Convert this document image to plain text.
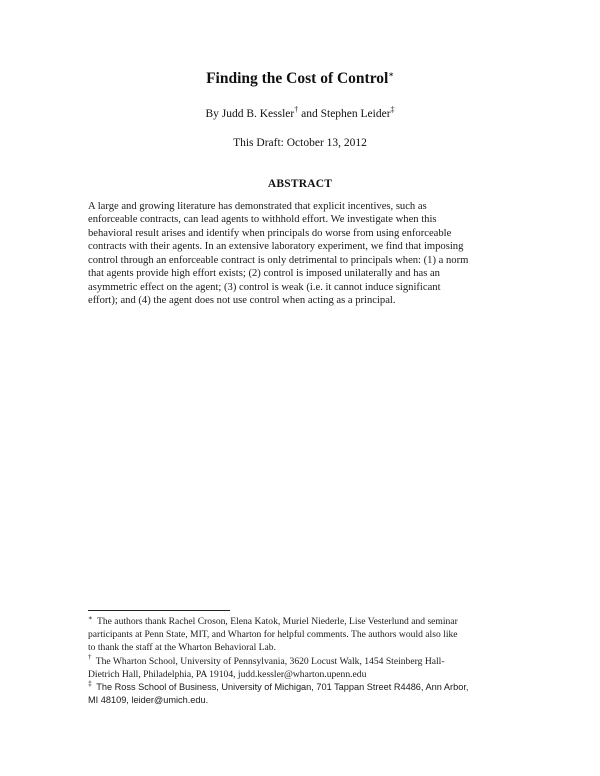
Finding the Cost of Control∗
By Judd B. Kessler† and Stephen Leider‡
This Draft: October 13, 2012
ABSTRACT
A large and growing literature has demonstrated that explicit incentives, such as
enforceable contracts, can lead agents to withhold effort. We investigate when this
behavioral result arises and identify when principals do worse from using enforceable
contracts with their agents. In an extensive laboratory experiment, we find that imposing
control through an enforceable contract is only detrimental to principals when: (1) a norm
that agents provide high effort exists; (2) control is imposed unilaterally and has an
asymmetric effect on the agent; (3) control is weak (i.e. it cannot induce significant
effort); and (4) the agent does not use control when acting as a principal.
∗ The authors thank Rachel Croson, Elena Katok, Muriel Niederle, Lise Vesterlund and seminar
participants at Penn State, MIT, and Wharton for helpful comments. The authors would also like
to thank the staff at the Wharton Behavioral Lab.
† The Wharton School, University of Pennsylvania, 3620 Locust Walk, 1454 Steinberg Hall-
Dietrich Hall, Philadelphia, PA 19104, judd.kessler@wharton.upenn.edu
‡ The Ross School of Business, University of Michigan, 701 Tappan Street R4486, Ann Arbor,
MI 48109, leider@umich.edu.
